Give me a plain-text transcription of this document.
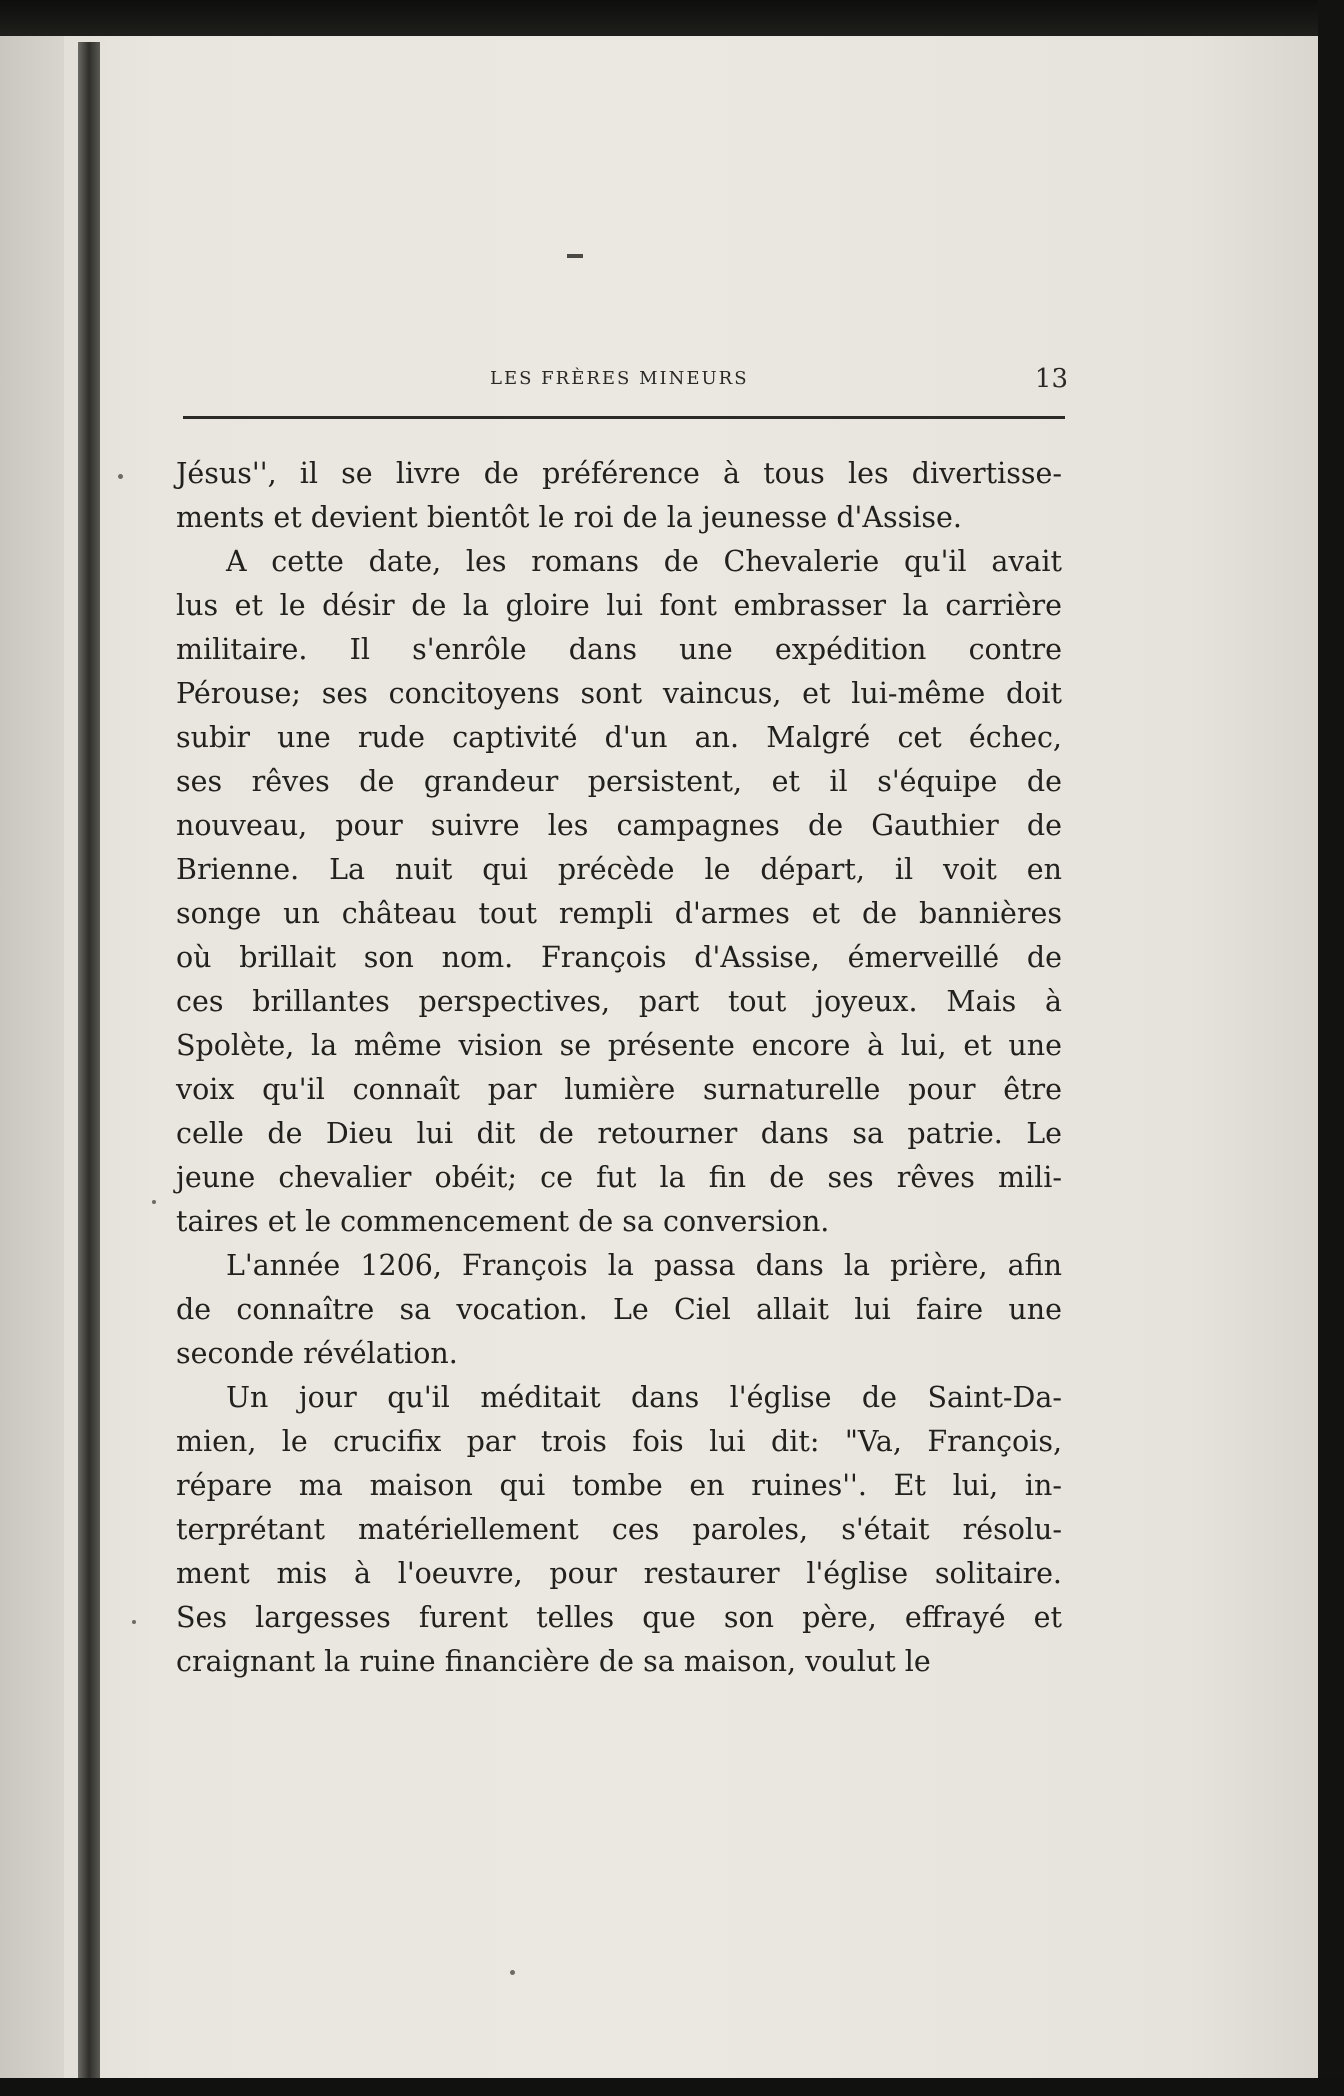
LES FRÈRES MINEURS	13
Jésus'', il se livre de préférence à tous les divertisse-
ments et devient bientôt le roi de la jeunesse d'Assise.
A cette date, les romans de Chevalerie qu'il avait
lus et le désir de la gloire lui font embrasser la carrière
militaire. Il s'enrôle dans une expédition contre
Pérouse; ses concitoyens sont vaincus, et lui-même doit
subir une rude captivité d'un an. Malgré cet échec,
ses rêves de grandeur persistent, et il s'équipe de
nouveau, pour suivre les campagnes de Gauthier de
Brienne. La nuit qui précède le départ, il voit en
songe un château tout rempli d'armes et de bannières
où brillait son nom. François d'Assise, émerveillé de
ces brillantes perspectives, part tout joyeux. Mais à
Spolète, la même vision se présente encore à lui, et une
voix qu'il connaît par lumière surnaturelle pour être
celle de Dieu lui dit de retourner dans sa patrie. Le
jeune chevalier obéit; ce fut la fin de ses rêves mili-
taires et le commencement de sa conversion.
L'année 1206, François la passa dans la prière, afin
de connaître sa vocation. Le Ciel allait lui faire une
seconde révélation.
Un jour qu'il méditait dans l'église de Saint-Da-
mien, le crucifix par trois fois lui dit: "Va, François,
répare ma maison qui tombe en ruines''. Et lui, in-
terprétant matériellement ces paroles, s'était résolu-
ment mis à l'oeuvre, pour restaurer l'église solitaire.
Ses largesses furent telles que son père, effrayé et
craignant la ruine financière de sa maison, voulut le
